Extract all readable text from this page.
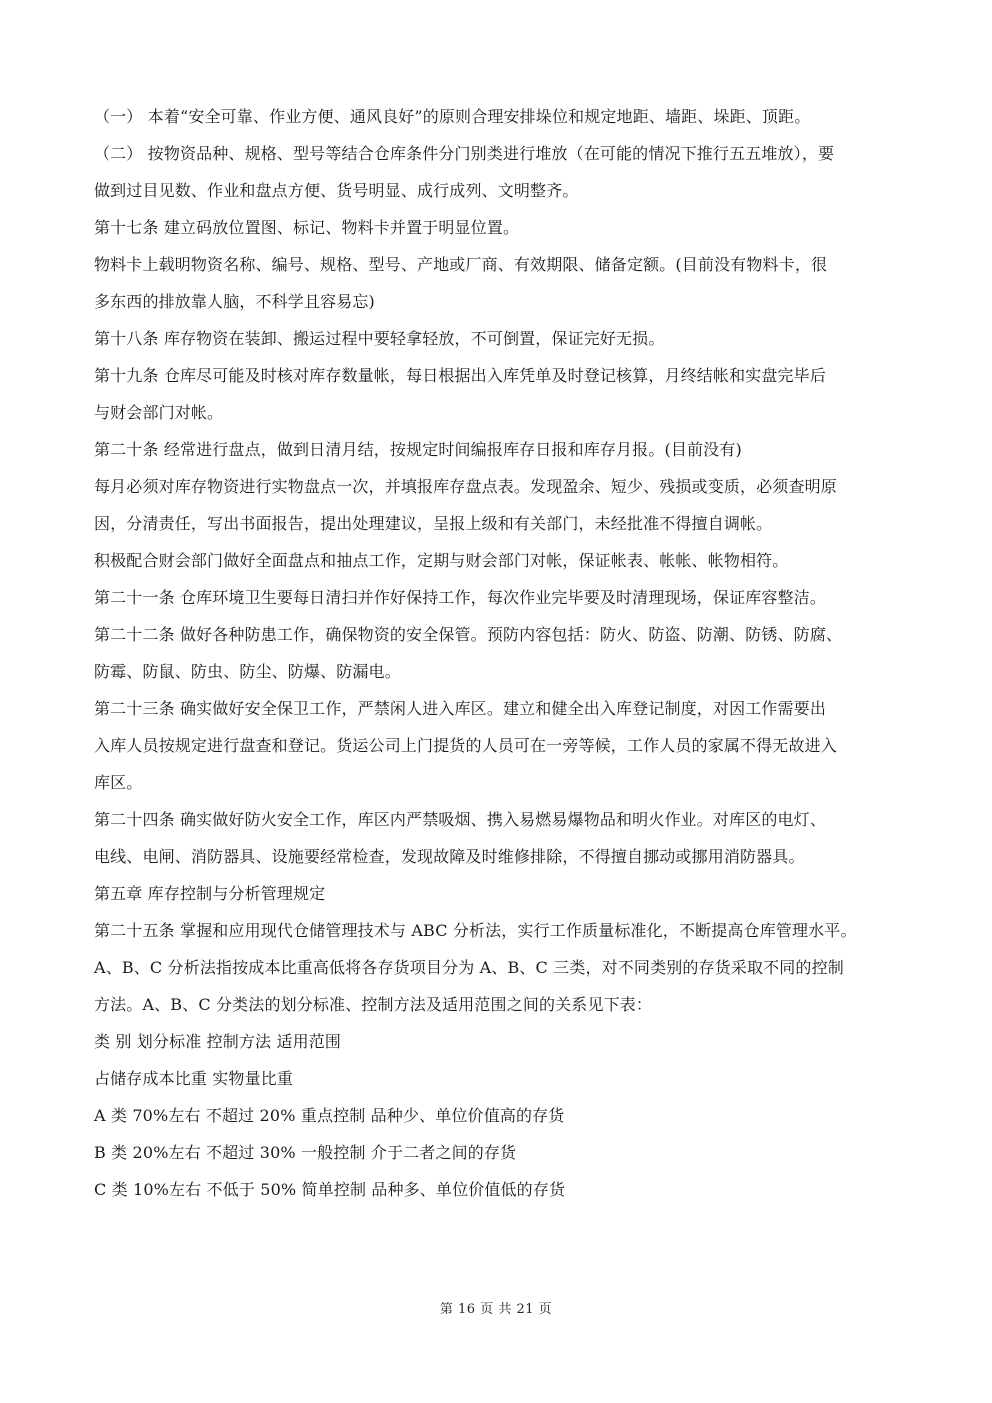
（一） 本着“安全可靠、作业方便、通风良好”的原则合理安排垛位和规定地距、墙距、垛距、顶距。
（二） 按物资品种、规格、型号等结合仓库条件分门别类进行堆放（在可能的情况下推行五五堆放），要
做到过目见数、作业和盘点方便、货号明显、成行成列、文明整齐。
第十七条 建立码放位置图、标记、物料卡并置于明显位置。
物料卡上载明物资名称、编号、规格、型号、产地或厂商、有效期限、储备定额。(目前没有物料卡，很
多东西的排放靠人脑，不科学且容易忘)
第十八条 库存物资在装卸、搬运过程中要轻拿轻放，不可倒置，保证完好无损。
第十九条 仓库尽可能及时核对库存数量帐，每日根据出入库凭单及时登记核算，月终结帐和实盘完毕后
与财会部门对帐。
第二十条 经常进行盘点，做到日清月结，按规定时间编报库存日报和库存月报。(目前没有)
每月必须对库存物资进行实物盘点一次，并填报库存盘点表。发现盈余、短少、残损或变质，必须查明原
因，分清责任，写出书面报告，提出处理建议，呈报上级和有关部门，未经批准不得擅自调帐。
积极配合财会部门做好全面盘点和抽点工作，定期与财会部门对帐，保证帐表、帐帐、帐物相符。
第二十一条 仓库环境卫生要每日清扫并作好保持工作，每次作业完毕要及时清理现场，保证库容整洁。
第二十二条 做好各种防患工作，确保物资的安全保管。预防内容包括：防火、防盗、防潮、防锈、防腐、
防霉、防鼠、防虫、防尘、防爆、防漏电。
第二十三条 确实做好安全保卫工作，严禁闲人进入库区。建立和健全出入库登记制度，对因工作需要出
入库人员按规定进行盘查和登记。货运公司上门提货的人员可在一旁等候，工作人员的家属不得无故进入
库区。
第二十四条 确实做好防火安全工作，库区内严禁吸烟、携入易燃易爆物品和明火作业。对库区的电灯、
电线、电闸、消防器具、设施要经常检查，发现故障及时维修排除，不得擅自挪动或挪用消防器具。
第五章 库存控制与分析管理规定
第二十五条 掌握和应用现代仓储管理技术与 ABC 分析法，实行工作质量标准化，不断提高仓库管理水平。
A、B、C 分析法指按成本比重高低将各存货项目分为 A、B、C 三类，对不同类别的存货采取不同的控制
方法。A、B、C 分类法的划分标准、控制方法及适用范围之间的关系见下表：
类 别 划分标准 控制方法 适用范围
占储存成本比重 实物量比重
A 类 70%左右 不超过 20% 重点控制 品种少、单位价值高的存货
B 类 20%左右 不超过 30% 一般控制 介于二者之间的存货
C 类 10%左右 不低于 50% 简单控制 品种多、单位价值低的存货

第 16 页 共 21 页
